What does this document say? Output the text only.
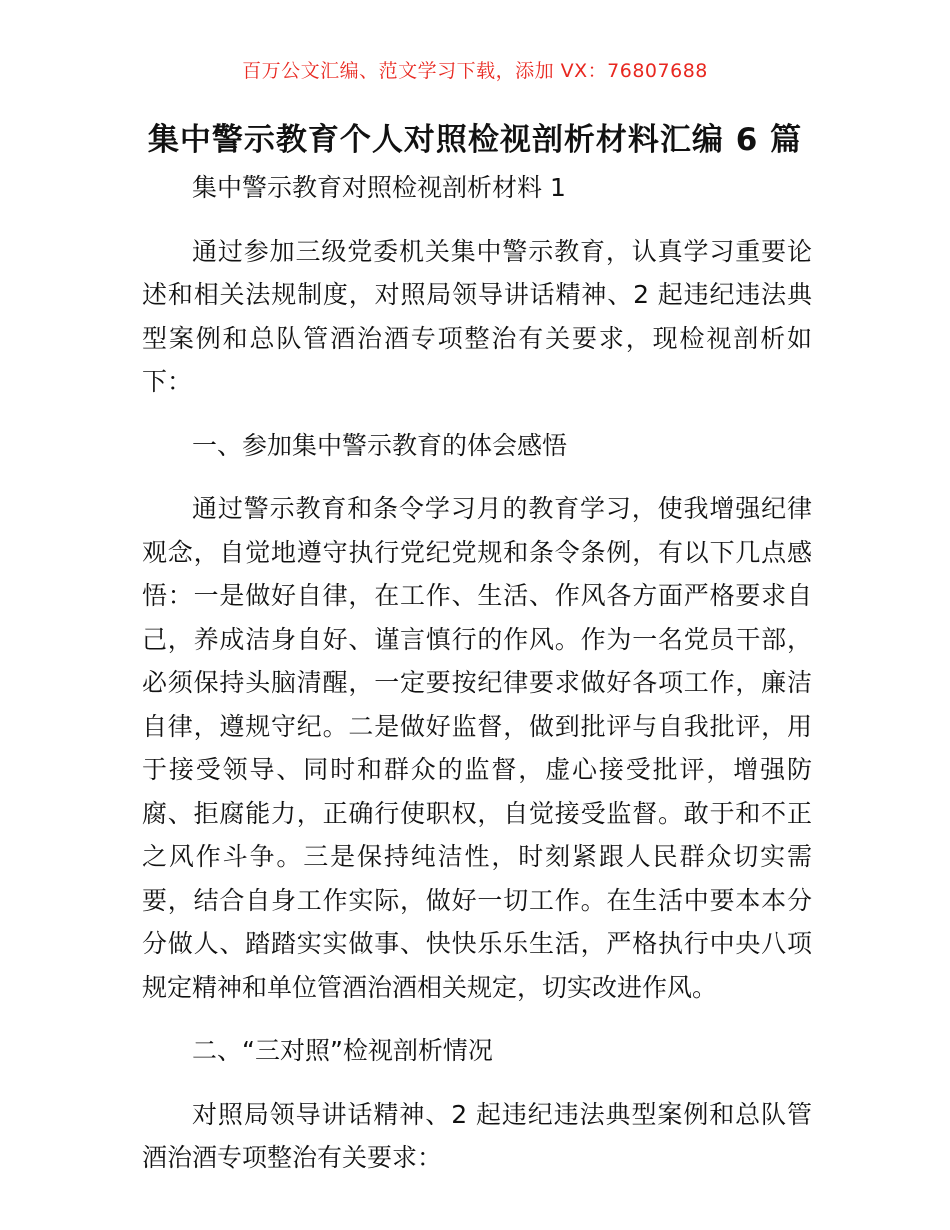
百万公文汇编、范文学习下载，添加 VX：76807688
集中警示教育个人对照检视剖析材料汇编 6 篇

集中警示教育对照检视剖析材料 1

通过参加三级党委机关集中警示教育，认真学习重要论述和相关法规制度，对照局领导讲话精神、2 起违纪违法典型案例和总队管酒治酒专项整治有关要求，现检视剖析如下：

一、参加集中警示教育的体会感悟

通过警示教育和条令学习月的教育学习，使我增强纪律观念，自觉地遵守执行党纪党规和条令条例，有以下几点感悟：一是做好自律，在工作、生活、作风各方面严格要求自己，养成洁身自好、谨言慎行的作风。作为一名党员干部，必须保持头脑清醒，一定要按纪律要求做好各项工作，廉洁自律，遵规守纪。二是做好监督，做到批评与自我批评，用于接受领导、同时和群众的监督，虚心接受批评，增强防腐、拒腐能力，正确行使职权，自觉接受监督。敢于和不正之风作斗争。三是保持纯洁性，时刻紧跟人民群众切实需要，结合自身工作实际，做好一切工作。在生活中要本本分分做人、踏踏实实做事、快快乐乐生活，严格执行中央八项规定精神和单位管酒治酒相关规定，切实改进作风。

二、“三对照”检视剖析情况

对照局领导讲话精神、2 起违纪违法典型案例和总队管酒治酒专项整治有关要求：
